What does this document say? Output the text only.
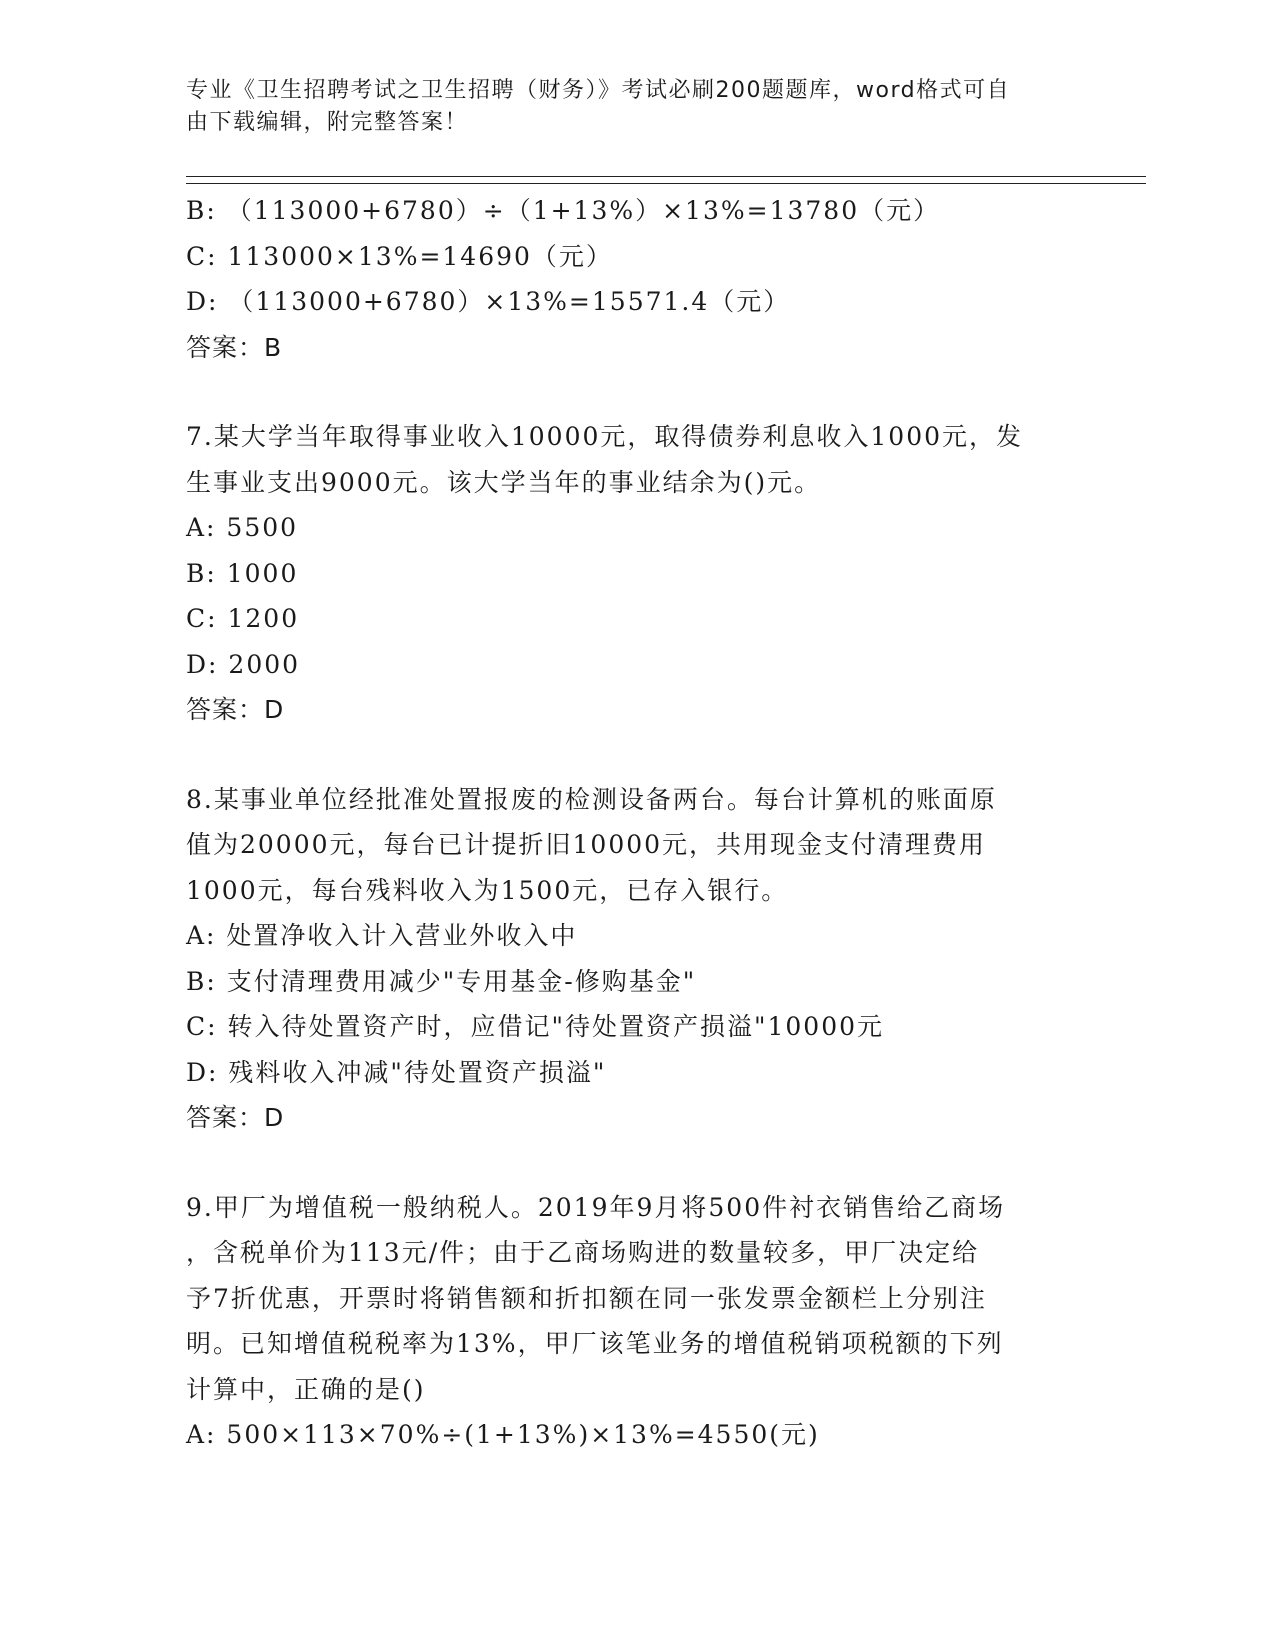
专业《卫生招聘考试之卫生招聘（财务）》考试必刷200题题库，word格式可自
由下载编辑，附完整答案！
B: （113000+6780）÷（1+13%）×13%=13780（元）
C: 113000×13%=14690（元）
D: （113000+6780）×13%=15571.4（元）
答案：B
7.某大学当年取得事业收入10000元，取得债券利息收入1000元，发
生事业支出9000元。该大学当年的事业结余为()元。
A: 5500
B: 1000
C: 1200
D: 2000
答案：D
8.某事业单位经批准处置报废的检测设备两台。每台计算机的账面原
值为20000元，每台已计提折旧10000元，共用现金支付清理费用
1000元，每台残料收入为1500元，已存入银行。
A: 处置净收入计入营业外收入中
B: 支付清理费用减少"专用基金-修购基金"
C: 转入待处置资产时，应借记"待处置资产损溢"10000元
D: 残料收入冲减"待处置资产损溢"
答案：D
9.甲厂为增值税一般纳税人。2019年9月将500件衬衣销售给乙商场
，含税单价为113元/件；由于乙商场购进的数量较多，甲厂决定给
予7折优惠，开票时将销售额和折扣额在同一张发票金额栏上分别注
明。已知增值税税率为13%，甲厂该笔业务的增值税销项税额的下列
计算中，正确的是()
A: 500×113×70%÷(1+13%)×13%=4550(元)
